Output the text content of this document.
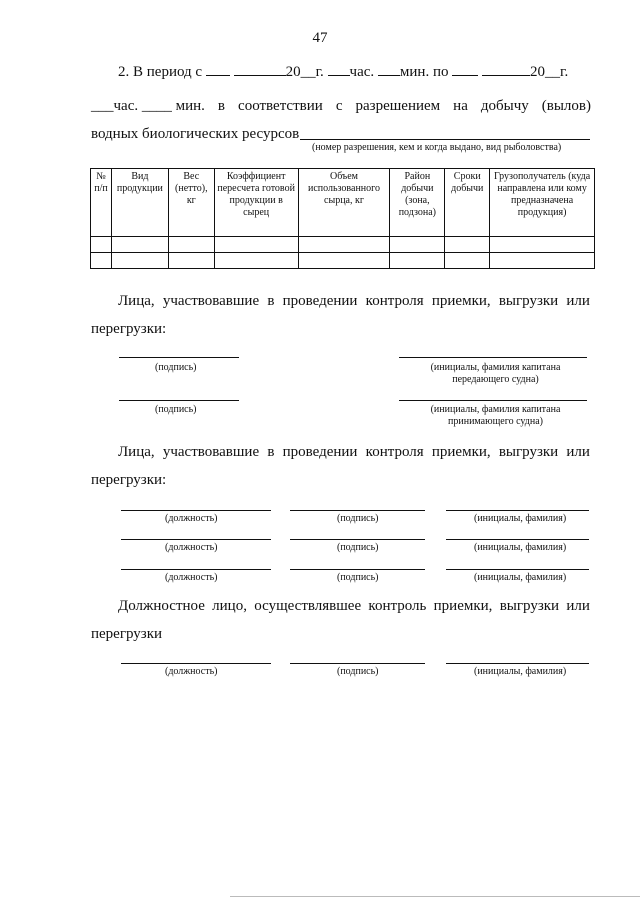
47
2. В период с	20__г. час. мин. по	20__г.
___час. ____ мин. в соответствии с разрешением на добычу (вылов)
водных биологических ресурсов
(номер разрешения, кем и когда выдано, вид рыболовства)
№ п/п	Вид продукции	Вес (нетто), кг	Коэффициент пересчета готовой продукции в сырец	Объем использованного сырца, кг	Район добычи (зона, подзона)	Сроки добычи	Грузополучатель (куда направлена или кому предназначена продукция)

Лица, участвовавшие в проведении контроля приемки, выгрузки или
перегрузки:
(подпись)	(инициалы, фамилия капитана передающего судна)
(подпись)	(инициалы, фамилия капитана принимающего судна)
Лица, участвовавшие в проведении контроля приемки, выгрузки или
перегрузки:
(должность)	(подпись)	(инициалы, фамилия)
(должность)	(подпись)	(инициалы, фамилия)
(должность)	(подпись)	(инициалы, фамилия)
Должностное лицо, осуществлявшее контроль приемки, выгрузки или
перегрузки
(должность)	(подпись)	(инициалы, фамилия)
